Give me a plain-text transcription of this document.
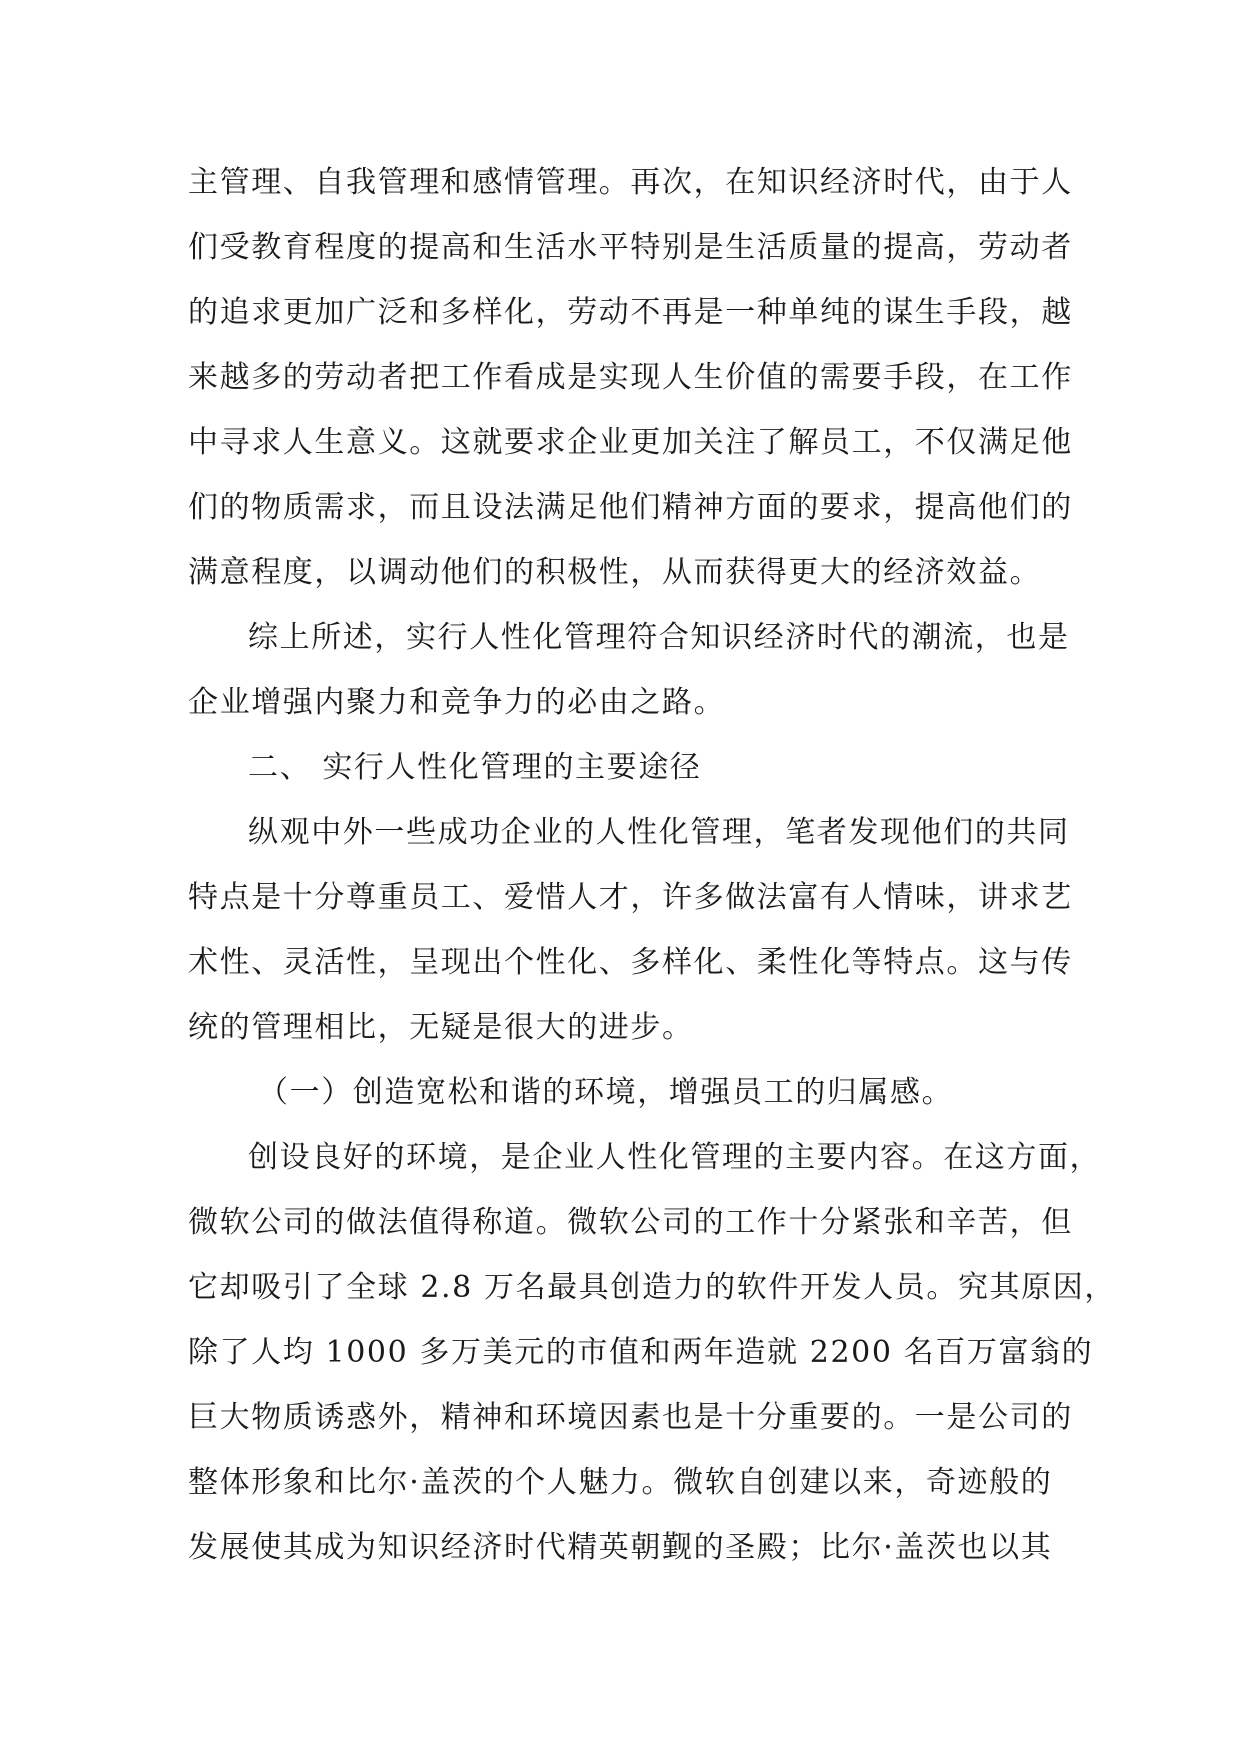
主管理、自我管理和感情管理。再次，在知识经济时代，由于人
们受教育程度的提高和生活水平特别是生活质量的提高，劳动者
的追求更加广泛和多样化，劳动不再是一种单纯的谋生手段，越
来越多的劳动者把工作看成是实现人生价值的需要手段，在工作
中寻求人生意义。这就要求企业更加关注了解员工，不仅满足他
们的物质需求，而且设法满足他们精神方面的要求，提高他们的
满意程度，以调动他们的积极性，从而获得更大的经济效益。
综上所述，实行人性化管理符合知识经济时代的潮流，也是
企业增强内聚力和竞争力的必由之路。
二、 实行人性化管理的主要途径
纵观中外一些成功企业的人性化管理，笔者发现他们的共同
特点是十分尊重员工、爱惜人才，许多做法富有人情味，讲求艺
术性、灵活性，呈现出个性化、多样化、柔性化等特点。这与传
统的管理相比，无疑是很大的进步。
（一）创造宽松和谐的环境，增强员工的归属感。
创设良好的环境，是企业人性化管理的主要内容。在这方面，
微软公司的做法值得称道。微软公司的工作十分紧张和辛苦，但
它却吸引了全球 2.8 万名最具创造力的软件开发人员。究其原因，
除了人均 1000 多万美元的市值和两年造就 2200 名百万富翁的
巨大物质诱惑外，精神和环境因素也是十分重要的。一是公司的
整体形象和比尔·盖茨的个人魅力。微软自创建以来，奇迹般的
发展使其成为知识经济时代精英朝觐的圣殿；比尔·盖茨也以其
